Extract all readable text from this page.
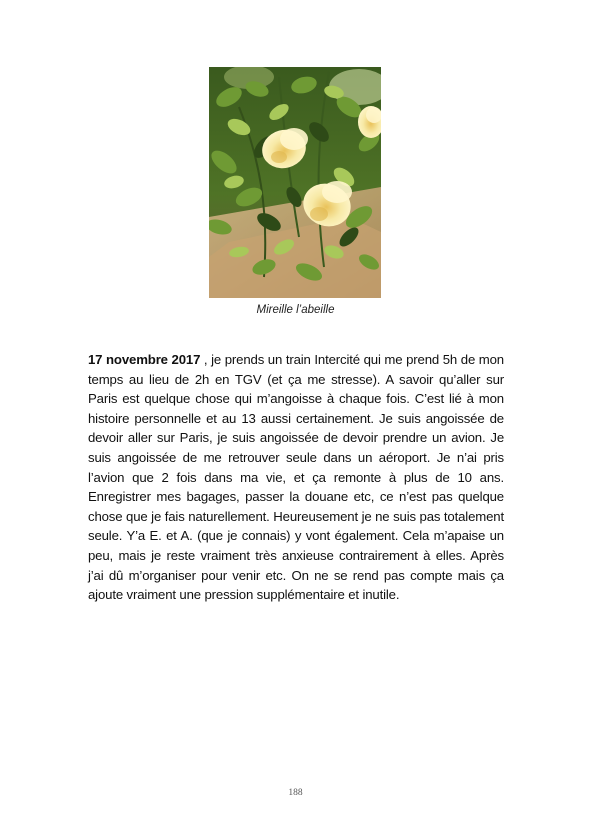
Mireille l’abeille

17 novembre 2017 , je prends un train Intercité qui me prend 5h de mon temps au lieu de 2h en TGV (et ça me stresse). A savoir qu’aller sur Paris est quelque chose qui m’angoisse à chaque fois. C’est lié à mon histoire personnelle et au 13 aussi certainement. Je suis angoissée de devoir aller sur Paris, je suis angoissée de devoir prendre un avion. Je suis angoissée de me retrouver seule dans un aéroport. Je n’ai pris l’avion que 2 fois dans ma vie, et ça remonte à plus de 10 ans. Enregistrer mes bagages, passer la douane etc, ce n’est pas quelque chose que je fais naturellement. Heureusement je ne suis pas totalement seule. Y’a E. et A. (que je connais) y vont également. Cela m’apaise un peu, mais je reste vraiment très anxieuse contrairement à elles. Après j’ai dû m’organiser pour venir etc. On ne se rend pas compte mais ça ajoute vraiment une pression supplémentaire et inutile.

188
